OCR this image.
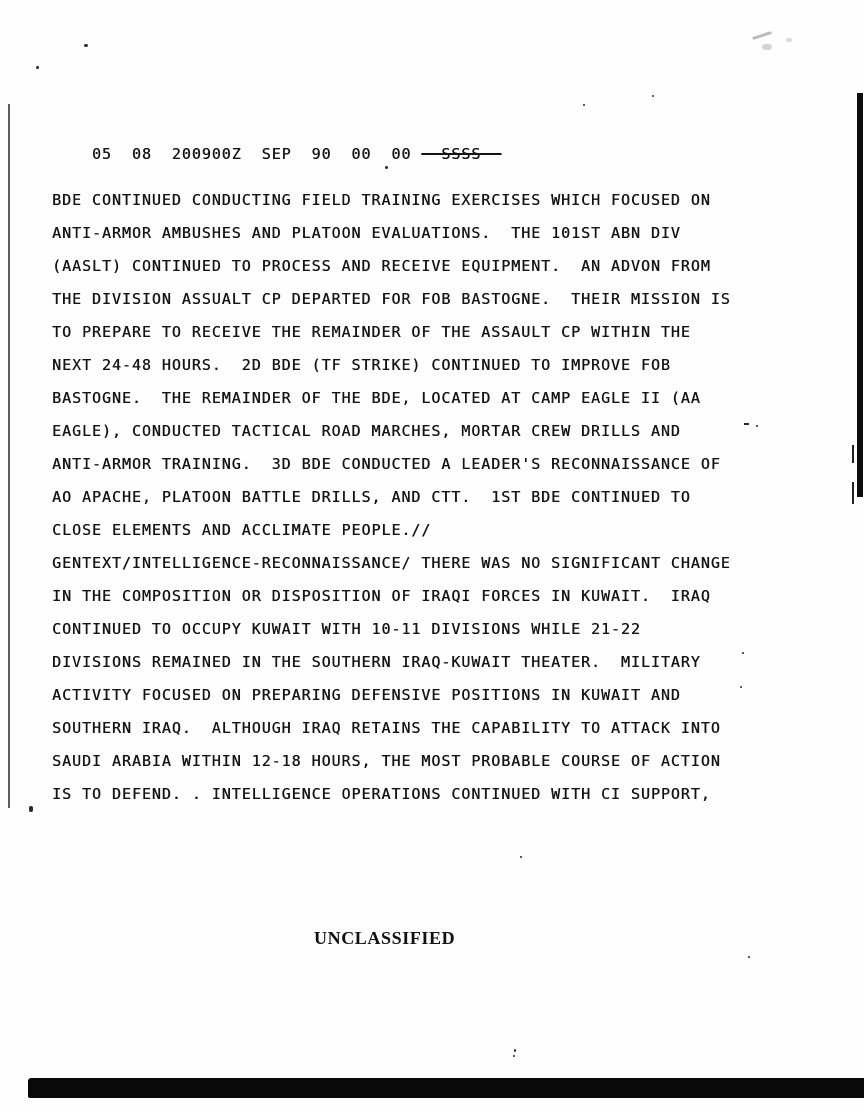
05  08  200900Z  SEP  90  00  00   SSSS

BDE CONTINUED CONDUCTING FIELD TRAINING EXERCISES WHICH FOCUSED ON
ANTI-ARMOR AMBUSHES AND PLATOON EVALUATIONS.  THE 101ST ABN DIV
(AASLT) CONTINUED TO PROCESS AND RECEIVE EQUIPMENT.  AN ADVON FROM
THE DIVISION ASSUALT CP DEPARTED FOR FOB BASTOGNE.  THEIR MISSION IS
TO PREPARE TO RECEIVE THE REMAINDER OF THE ASSAULT CP WITHIN THE
NEXT 24-48 HOURS.  2D BDE (TF STRIKE) CONTINUED TO IMPROVE FOB
BASTOGNE.  THE REMAINDER OF THE BDE, LOCATED AT CAMP EAGLE II (AA
EAGLE), CONDUCTED TACTICAL ROAD MARCHES, MORTAR CREW DRILLS AND
ANTI-ARMOR TRAINING.  3D BDE CONDUCTED A LEADER'S RECONNAISSANCE OF
AO APACHE, PLATOON BATTLE DRILLS, AND CTT.  1ST BDE CONTINUED TO
CLOSE ELEMENTS AND ACCLIMATE PEOPLE.//
GENTEXT/INTELLIGENCE-RECONNAISSANCE/ THERE WAS NO SIGNIFICANT CHANGE
IN THE COMPOSITION OR DISPOSITION OF IRAQI FORCES IN KUWAIT.  IRAQ
CONTINUED TO OCCUPY KUWAIT WITH 10-11 DIVISIONS WHILE 21-22
DIVISIONS REMAINED IN THE SOUTHERN IRAQ-KUWAIT THEATER.  MILITARY
ACTIVITY FOCUSED ON PREPARING DEFENSIVE POSITIONS IN KUWAIT AND
SOUTHERN IRAQ.  ALTHOUGH IRAQ RETAINS THE CAPABILITY TO ATTACK INTO
SAUDI ARABIA WITHIN 12-18 HOURS, THE MOST PROBABLE COURSE OF ACTION
IS TO DEFEND. . INTELLIGENCE OPERATIONS CONTINUED WITH CI SUPPORT,
UNCLASSIFIED
